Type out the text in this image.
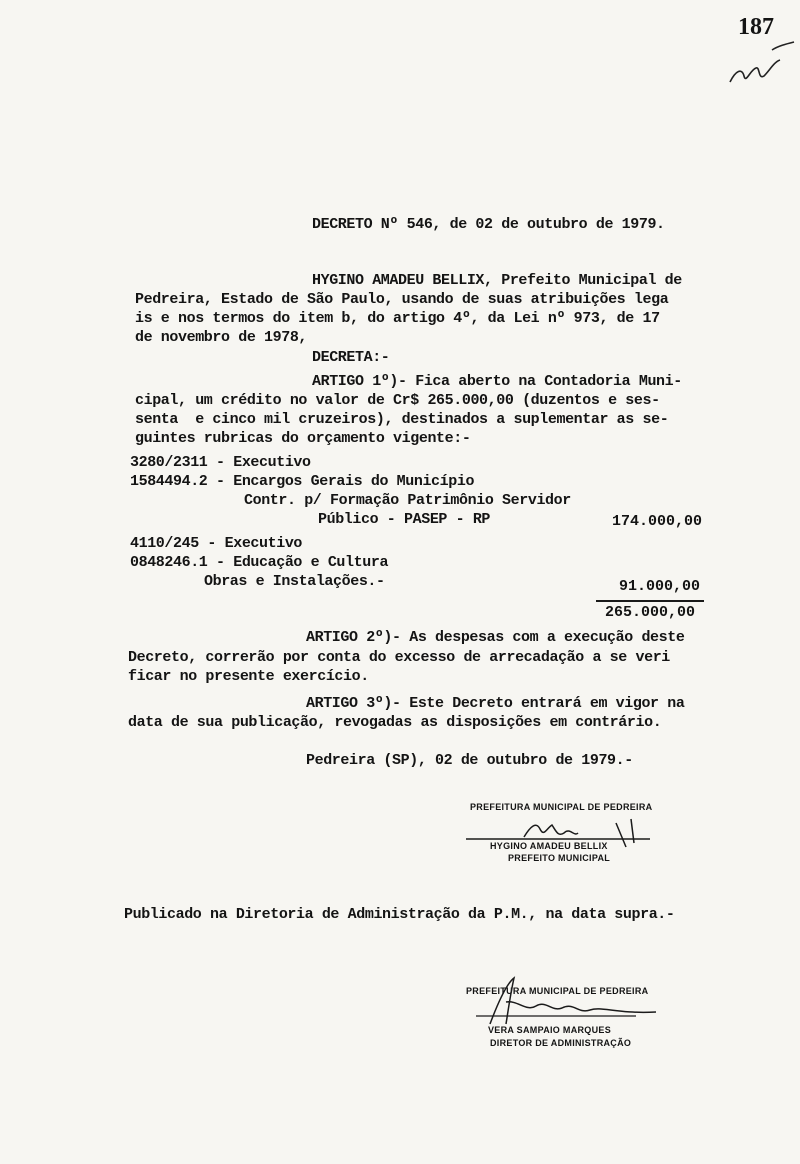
187
DECRETO Nº 546, de 02 de outubro de 1979.
HYGINO AMADEU BELLIX, Prefeito Municipal de
Pedreira, Estado de São Paulo, usando de suas atribuições lega
is e nos termos do item b, do artigo 4º, da Lei nº 973, de 17
de novembro de 1978,
DECRETA:-
ARTIGO 1º)- Fica aberto na Contadoria Muni-
cipal, um crédito no valor de Cr$ 265.000,00 (duzentos e ses-
senta  e cinco mil cruzeiros), destinados a suplementar as se-
guintes rubricas do orçamento vigente:-
3280/2311 - Executivo
1584494.2 - Encargos Gerais do Município
Contr. p/ Formação Patrimônio Servidor
Público - PASEP - RP	174.000,00
4110/245 - Executivo
0848246.1 - Educação e Cultura
Obras e Instalações.-	91.000,00
265.000,00
ARTIGO 2º)- As despesas com a execução deste
Decreto, correrão por conta do excesso de arrecadação a se veri
ficar no presente exercício.
ARTIGO 3º)- Este Decreto entrará em vigor na
data de sua publicação, revogadas as disposições em contrário.
Pedreira (SP), 02 de outubro de 1979.-
PREFEITURA MUNICIPAL DE PEDREIRA
HYGINO AMADEU BELLIX
PREFEITO MUNICIPAL
Publicado na Diretoria de Administração da P.M., na data supra.-
PREFEITURA MUNICIPAL DE PEDREIRA
VERA SAMPAIO MARQUES
DIRETOR DE ADMINISTRAÇÃO
